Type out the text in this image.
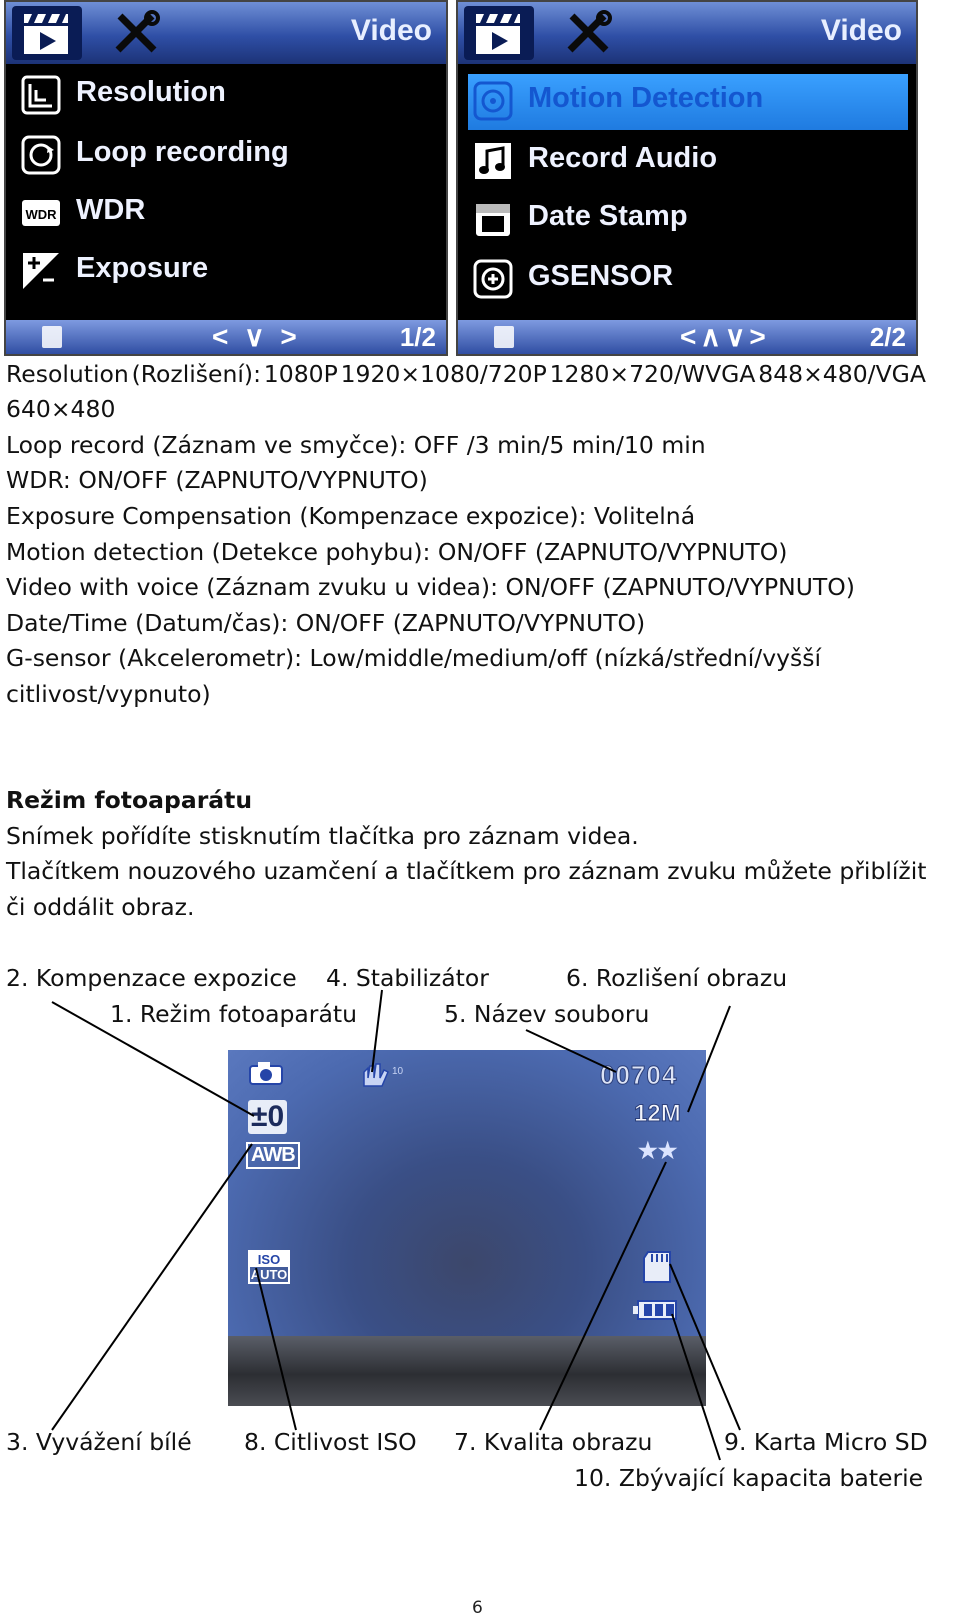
Video
Resolution
Loop recording
WDR WDR
Exposure
< ∨ >	1/2
Video
Motion Detection
Record Audio
Date Stamp
GSENSOR
<∧∨>	2/2
Resolution (Rozlišení): 1080P 1920×1080/720P 1280×720/WVGA 848×480/VGA
640×480
Loop record (Záznam ve smyčce): OFF /3 min/5 min/10 min
WDR: ON/OFF (ZAPNUTO/VYPNUTO)
Exposure Compensation (Kompenzace expozice): Volitelná
Motion detection (Detekce pohybu): ON/OFF (ZAPNUTO/VYPNUTO)
Video with voice (Záznam zvuku u videa): ON/OFF (ZAPNUTO/VYPNUTO)
Date/Time (Datum/čas): ON/OFF (ZAPNUTO/VYPNUTO)
G-sensor (Akcelerometr): Low/middle/medium/off (nízká/střední/vyšší
citlivost/vypnuto)
Režim fotoaparátu
Snímek pořídíte stisknutím tlačítka pro záznam videa.
Tlačítkem nouzového uzamčení a tlačítkem pro záznam zvuku můžete přiblížit
či oddálit obraz.
2. Kompenzace expozice 4. Stabilizátor	6. Rozlišení obrazu
1. Režim fotoaparátu	5. Název souboru
10
±0
AWB
ISO
AUTO
00704
12M
★★
3. Vyvážení bílé 8. Citlivost ISO 7. Kvalita obrazu	9. Karta Micro SD
10. Zbývající kapacita baterie
6
